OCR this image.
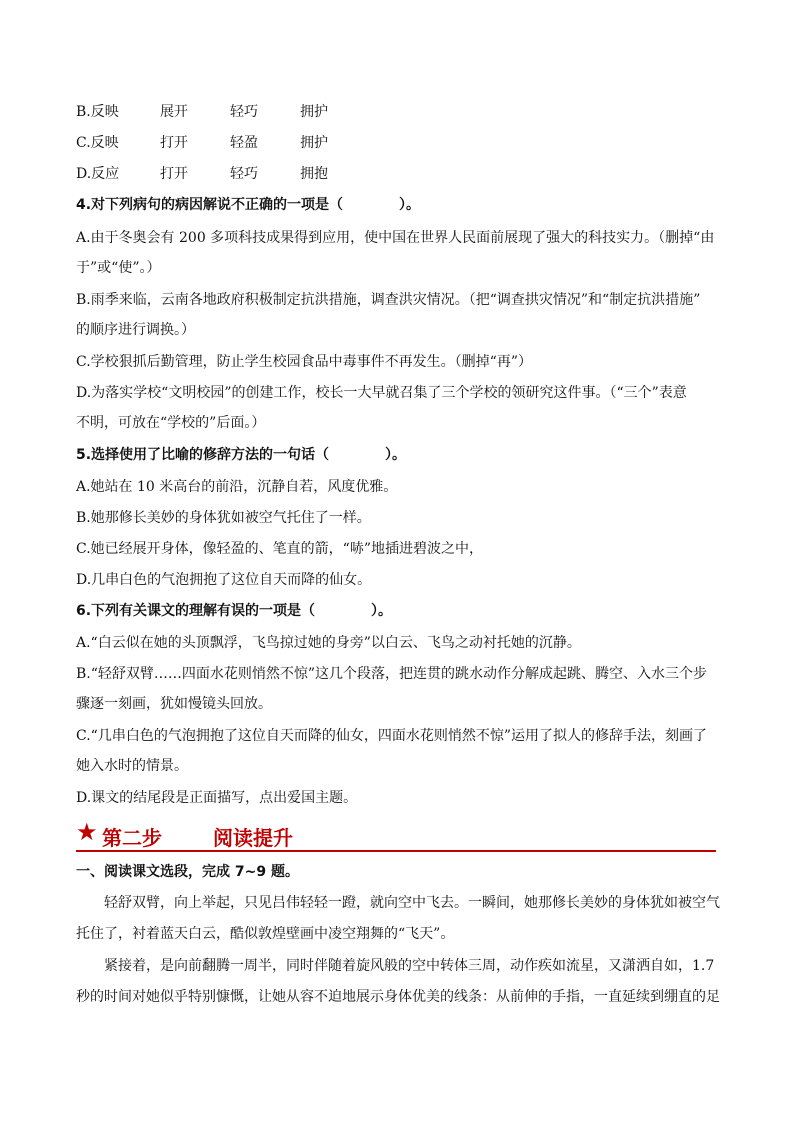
B.反映	展开	轻巧	拥护
C.反映	打开	轻盈	拥护
D.反应	打开	轻巧	拥抱
4.对下列病句的病因解说不正确的一项是（　　　　）。
A.由于冬奥会有 200 多项科技成果得到应用，使中国在世界人民面前展现了强大的科技实力。（删掉“由
于”或“使”。）
B.雨季来临，云南各地政府积极制定抗洪措施，调查洪灾情况。（把“调查拱灾情况”和“制定抗洪措施”
的顺序进行调换。）
C.学校狠抓后勤管理，防止学生校园食品中毒事件不再发生。（删掉“再”）
D.为落实学校“文明校园”的创建工作，校长一大早就召集了三个学校的领研究这件事。（“三个”表意
不明，可放在“学校的”后面。）
5.选择使用了比喻的修辞方法的一句话（　　　　）。
A.她站在 10 米高台的前沿，沉静自若，风度优雅。
B.她那修长美妙的身体犹如被空气托住了一样。
C.她已经展开身体，像轻盈的、笔直的箭，“哧”地插进碧波之中，
D.几串白色的气泡拥抱了这位自天而降的仙女。
6.下列有关课文的理解有误的一项是（　　　　）。
A.“白云似在她的头顶飘浮，飞鸟掠过她的身旁”以白云、飞鸟之动衬托她的沉静。
B.“轻舒双臂……四面水花则悄然不惊”这几个段落，把连贯的跳水动作分解成起跳、腾空、入水三个步
骤逐一刻画，犹如慢镜头回放。
C.“几串白色的气泡拥抱了这位自天而降的仙女，四面水花则悄然不惊”运用了拟人的修辞手法，刻画了
她入水时的情景。
D.课文的结尾段是正面描写，点出爱国主题。
★ 第二步	阅读提升
一、阅读课文选段，完成 7~9 题。
　　轻舒双臂，向上举起，只见吕伟轻轻一蹬，就向空中飞去。一瞬间，她那修长美妙的身体犹如被空气
托住了，衬着蓝天白云，酷似敦煌壁画中凌空翔舞的“飞天”。
　　紧接着，是向前翻腾一周半，同时伴随着旋风般的空中转体三周，动作疾如流星，又潇洒自如，1.7
秒的时间对她似乎特别慷慨，让她从容不迫地展示身体优美的线条：从前伸的手指，一直延续到绷直的足
